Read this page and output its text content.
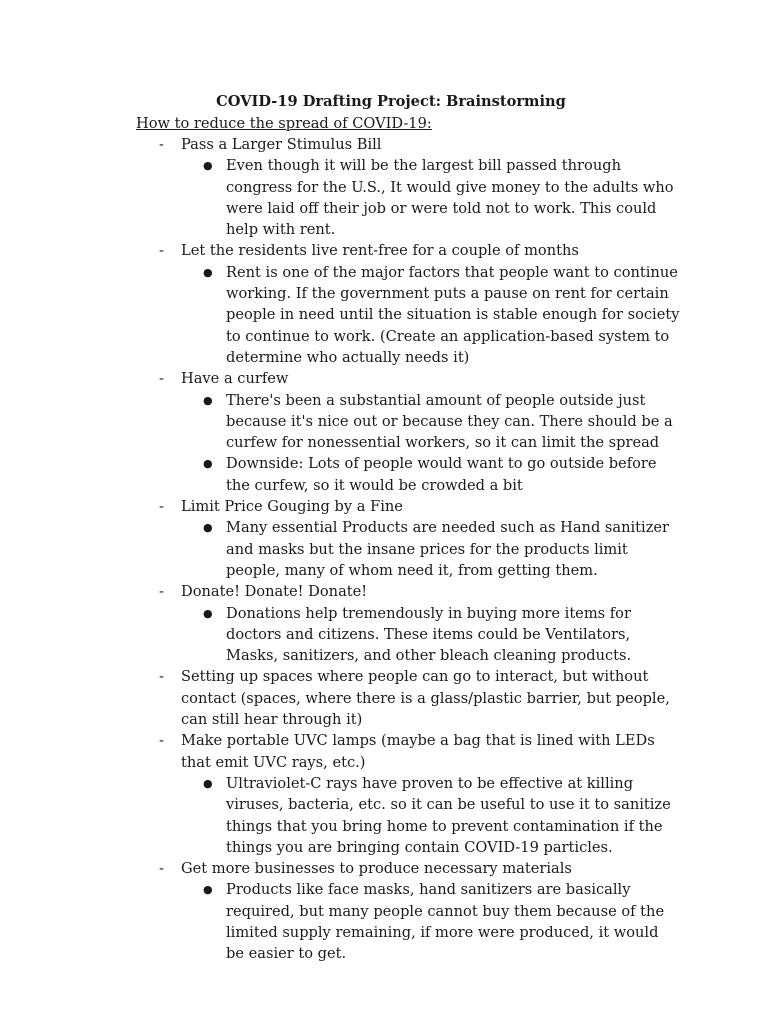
COVID-19 Drafting Project: Brainstorming
How to reduce the spread of COVID-19:
- Pass a Larger Stimulus Bill
● Even though it will be the largest bill passed through congress for the U.S., It would give money to the adults who were laid off their job or were told not to work. This could help with rent.
- Let the residents live rent-free for a couple of months
● Rent is one of the major factors that people want to continue working. If the government puts a pause on rent for certain people in need until the situation is stable enough for society to continue to work. (Create an application-based system to determine who actually needs it)
- Have a curfew
● There's been a substantial amount of people outside just because it's nice out or because they can. There should be a curfew for nonessential workers, so it can limit the spread
● Downside: Lots of people would want to go outside before the curfew, so it would be crowded a bit
- Limit Price Gouging by a Fine
● Many essential Products are needed such as Hand sanitizer and masks but the insane prices for the products limit people, many of whom need it, from getting them.
- Donate! Donate! Donate!
● Donations help tremendously in buying more items for doctors and citizens. These items could be Ventilators, Masks, sanitizers, and other bleach cleaning products.
- Setting up spaces where people can go to interact, but without contact (spaces, where there is a glass/plastic barrier, but people, can still hear through it)
- Make portable UVC lamps (maybe a bag that is lined with LEDs that emit UVC rays, etc.)
● Ultraviolet-C rays have proven to be effective at killing viruses, bacteria, etc. so it can be useful to use it to sanitize things that you bring home to prevent contamination if the things you are bringing contain COVID-19 particles.
- Get more businesses to produce necessary materials
● Products like face masks, hand sanitizers are basically required, but many people cannot buy them because of the limited supply remaining, if more were produced, it would be easier to get.
